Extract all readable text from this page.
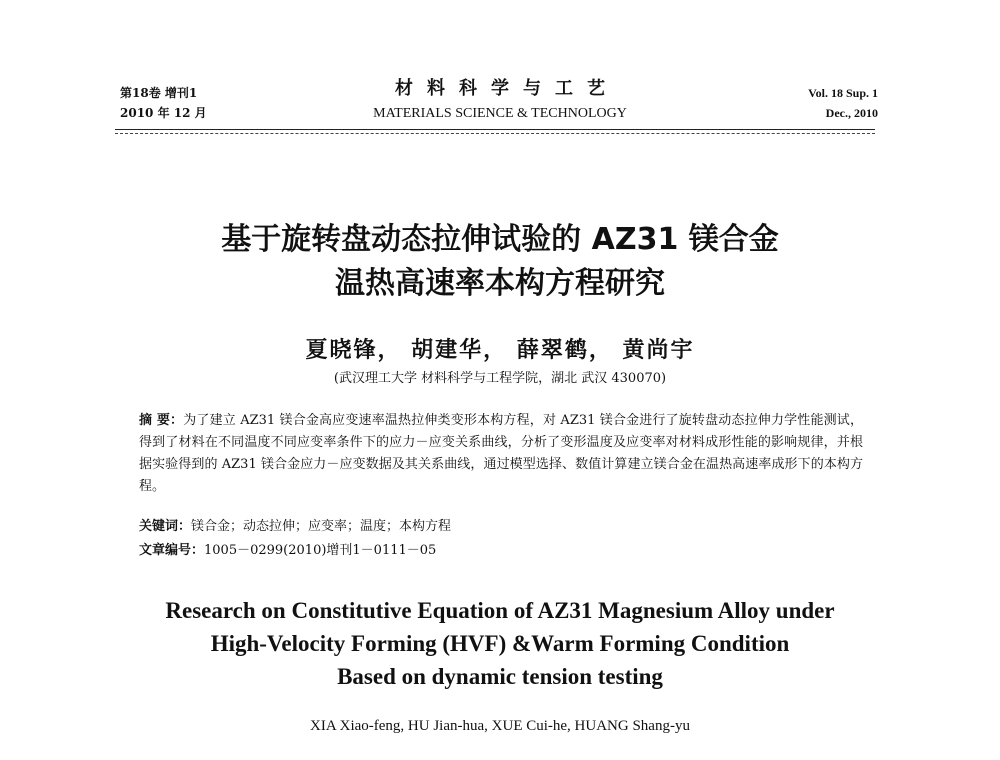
第18卷 增刊1
2010 年 12 月
材料科学与工艺
MATERIALS SCIENCE & TECHNOLOGY
Vol. 18 Sup. 1
Dec., 2010
基于旋转盘动态拉伸试验的 AZ31 镁合金
温热高速率本构方程研究
夏晓锋， 胡建华， 薛翠鹤， 黄尚宇
(武汉理工大学 材料科学与工程学院，湖北 武汉 430070)
摘 要：为了建立 AZ31 镁合金高应变速率温热拉伸类变形本构方程，对 AZ31 镁合金进行了旋转盘动态拉伸力学性能测试，得到了材料在不同温度不同应变率条件下的应力－应变关系曲线，分析了变形温度及应变率对材料成形性能的影响规律，并根据实验得到的 AZ31 镁合金应力－应变数据及其关系曲线，通过模型选择、数值计算建立镁合金在温热高速率成形下的本构方程。
关键词：镁合金；动态拉伸；应变率；温度；本构方程
文章编号：1005－0299(2010)增刊1－0111－05
Research on Constitutive Equation of AZ31 Magnesium Alloy under
High-Velocity Forming (HVF) &Warm Forming Condition
Based on dynamic tension testing
XIA Xiao-feng, HU Jian-hua, XUE Cui-he, HUANG Shang-yu
